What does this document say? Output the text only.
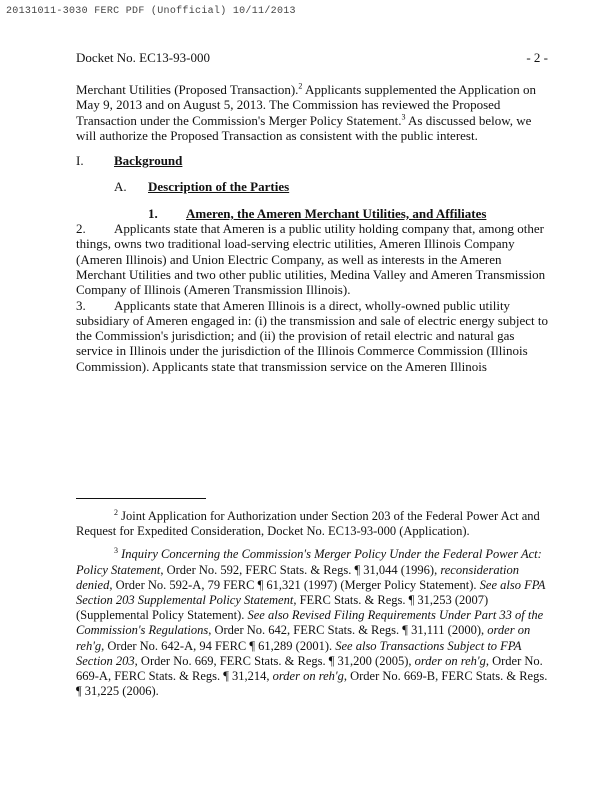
20131011-3030 FERC PDF (Unofficial) 10/11/2013
Docket No. EC13-93-000	- 2 -

Merchant Utilities (Proposed Transaction).$^2$ Applicants supplemented the Application on May 9, 2013 and on August 5, 2013. The Commission has reviewed the Proposed Transaction under the Commission's Merger Policy Statement.$^3$ As discussed below, we will authorize the Proposed Transaction as consistent with the public interest.

I.	Background
A.	Description of the Parties
1.	Ameren, the Ameren Merchant Utilities, and Affiliates

2. Applicants state that Ameren is a public utility holding company that, among other things, owns two traditional load-serving electric utilities, Ameren Illinois Company (Ameren Illinois) and Union Electric Company, as well as interests in the Ameren Merchant Utilities and two other public utilities, Medina Valley and Ameren Transmission Company of Illinois (Ameren Transmission Illinois).

3. Applicants state that Ameren Illinois is a direct, wholly-owned public utility subsidiary of Ameren engaged in: (i) the transmission and sale of electric energy subject to the Commission's jurisdiction; and (ii) the provision of retail electric and natural gas service in Illinois under the jurisdiction of the Illinois Commerce Commission (Illinois Commission). Applicants state that transmission service on the Ameren Illinois

$^2$ Joint Application for Authorization under Section 203 of the Federal Power Act and Request for Expedited Consideration, Docket No. EC13-93-000 (Application).

$^3$ Inquiry Concerning the Commission's Merger Policy Under the Federal Power Act: Policy Statement, Order No. 592, FERC Stats. & Regs. ¶ 31,044 (1996), reconsideration denied, Order No. 592-A, 79 FERC ¶ 61,321 (1997) (Merger Policy Statement). See also FPA Section 203 Supplemental Policy Statement, FERC Stats. & Regs. ¶ 31,253 (2007) (Supplemental Policy Statement). See also Revised Filing Requirements Under Part 33 of the Commission's Regulations, Order No. 642, FERC Stats. & Regs. ¶ 31,111 (2000), order on reh'g, Order No. 642-A, 94 FERC ¶ 61,289 (2001). See also Transactions Subject to FPA Section 203, Order No. 669, FERC Stats. & Regs. ¶ 31,200 (2005), order on reh'g, Order No. 669-A, FERC Stats. & Regs. ¶ 31,214, order on reh'g, Order No. 669-B, FERC Stats. & Regs. ¶ 31,225 (2006).
